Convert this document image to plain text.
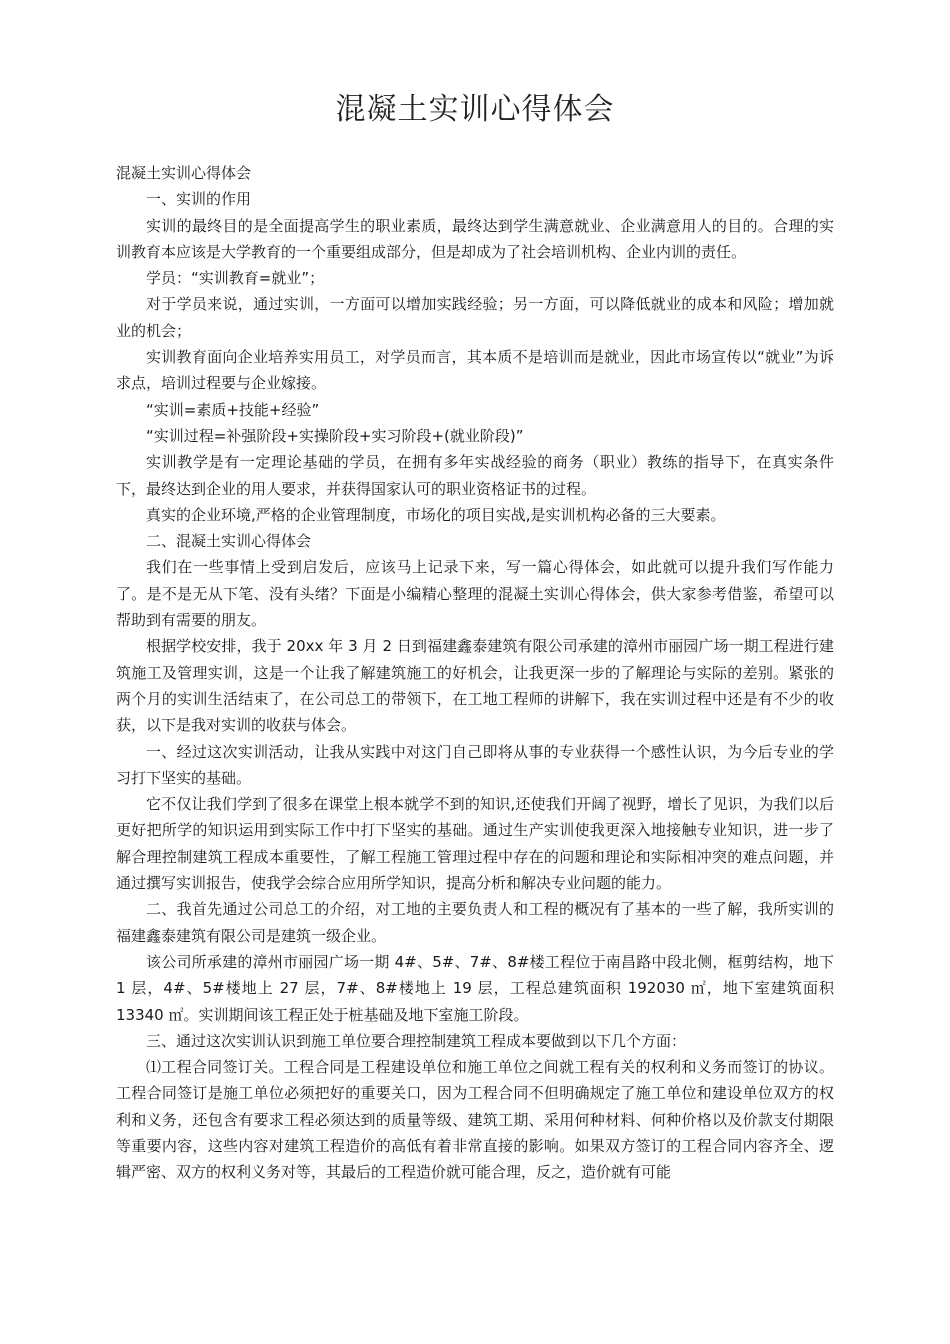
混凝土实训心得体会

混凝土实训心得体会

一、实训的作用

实训的最终目的是全面提高学生的职业素质，最终达到学生满意就业、企业满意用人的目的。合理的实训教育本应该是大学教育的一个重要组成部分，但是却成为了社会培训机构、企业内训的责任。

学员：“实训教育=就业”；

对于学员来说，通过实训，一方面可以增加实践经验；另一方面，可以降低就业的成本和风险；增加就业的机会；

实训教育面向企业培养实用员工，对学员而言，其本质不是培训而是就业，因此市场宣传以“就业”为诉求点，培训过程要与企业嫁接。

“实训=素质+技能+经验”

“实训过程=补强阶段+实操阶段+实习阶段+(就业阶段)”

实训教学是有一定理论基础的学员，在拥有多年实战经验的商务（职业）教练的指导下，在真实条件下，最终达到企业的用人要求，并获得国家认可的职业资格证书的过程。

真实的企业环境,严格的企业管理制度，市场化的项目实战,是实训机构必备的三大要素。

二、混凝土实训心得体会

我们在一些事情上受到启发后，应该马上记录下来，写一篇心得体会，如此就可以提升我们写作能力了。是不是无从下笔、没有头绪？下面是小编精心整理的混凝土实训心得体会，供大家参考借鉴，希望可以帮助到有需要的朋友。

根据学校安排，我于 20xx 年 3 月 2 日到福建鑫泰建筑有限公司承建的漳州市丽园广场一期工程进行建筑施工及管理实训，这是一个让我了解建筑施工的好机会，让我更深一步的了解理论与实际的差别。紧张的两个月的实训生活结束了，在公司总工的带领下，在工地工程师的讲解下，我在实训过程中还是有不少的收获，以下是我对实训的收获与体会。

一、经过这次实训活动，让我从实践中对这门自己即将从事的专业获得一个感性认识，为今后专业的学习打下坚实的基础。

它不仅让我们学到了很多在课堂上根本就学不到的知识,还使我们开阔了视野，增长了见识，为我们以后更好把所学的知识运用到实际工作中打下坚实的基础。通过生产实训使我更深入地接触专业知识，进一步了解合理控制建筑工程成本重要性，了解工程施工管理过程中存在的问题和理论和实际相冲突的难点问题，并通过撰写实训报告，使我学会综合应用所学知识，提高分析和解决专业问题的能力。

二、我首先通过公司总工的介绍，对工地的主要负责人和工程的概况有了基本的一些了解，我所实训的福建鑫泰建筑有限公司是建筑一级企业。

该公司所承建的漳州市丽园广场一期 4#、5#、7#、8#楼工程位于南昌路中段北侧，框剪结构，地下 1 层，4#、5#楼地上 27 层，7#、8#楼地上 19 层，工程总建筑面积 192030 ㎡，地下室建筑面积 13340 ㎡。实训期间该工程正处于桩基础及地下室施工阶段。

三、通过这次实训认识到施工单位要合理控制建筑工程成本要做到以下几个方面：

⑴工程合同签订关。工程合同是工程建设单位和施工单位之间就工程有关的权利和义务而签订的协议。工程合同签订是施工单位必须把好的重要关口，因为工程合同不但明确规定了施工单位和建设单位双方的权利和义务，还包含有要求工程必须达到的质量等级、建筑工期、采用何种材料、何种价格以及价款支付期限等重要内容，这些内容对建筑工程造价的高低有着非常直接的影响。如果双方签订的工程合同内容齐全、逻辑严密、双方的权利义务对等，其最后的工程造价就可能合理，反之，造价就有可能
